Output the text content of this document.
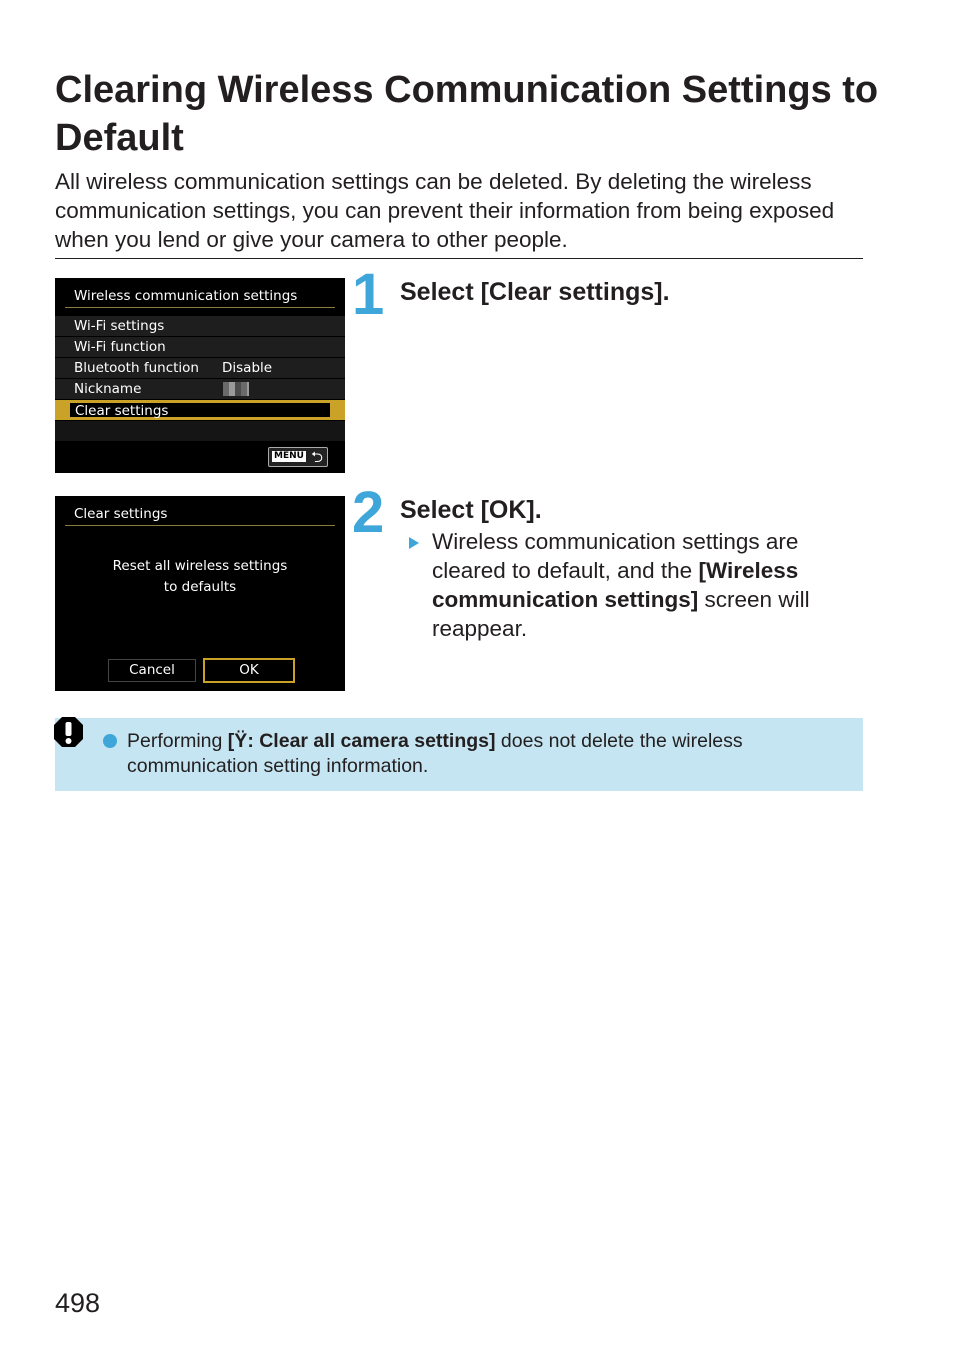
Clearing Wireless Communication Settings to Default

All wireless communication settings can be deleted. By deleting the wireless communication settings, you can prevent their information from being exposed when you lend or give your camera to other people.

Wireless communication settings
Wi-Fi settings
Wi-Fi function
Bluetooth function Disable
Nickname
Clear settings
MENU ⮌
1 Select [Clear settings].
Clear settings
Reset all wireless settings
to defaults
Cancel	OK
2 Select [OK].

Wireless communication settings are cleared to default, and the [Wireless communication settings] screen will reappear.

Performing [Ÿ: Clear all camera settings] does not delete the wireless communication setting information.

498
